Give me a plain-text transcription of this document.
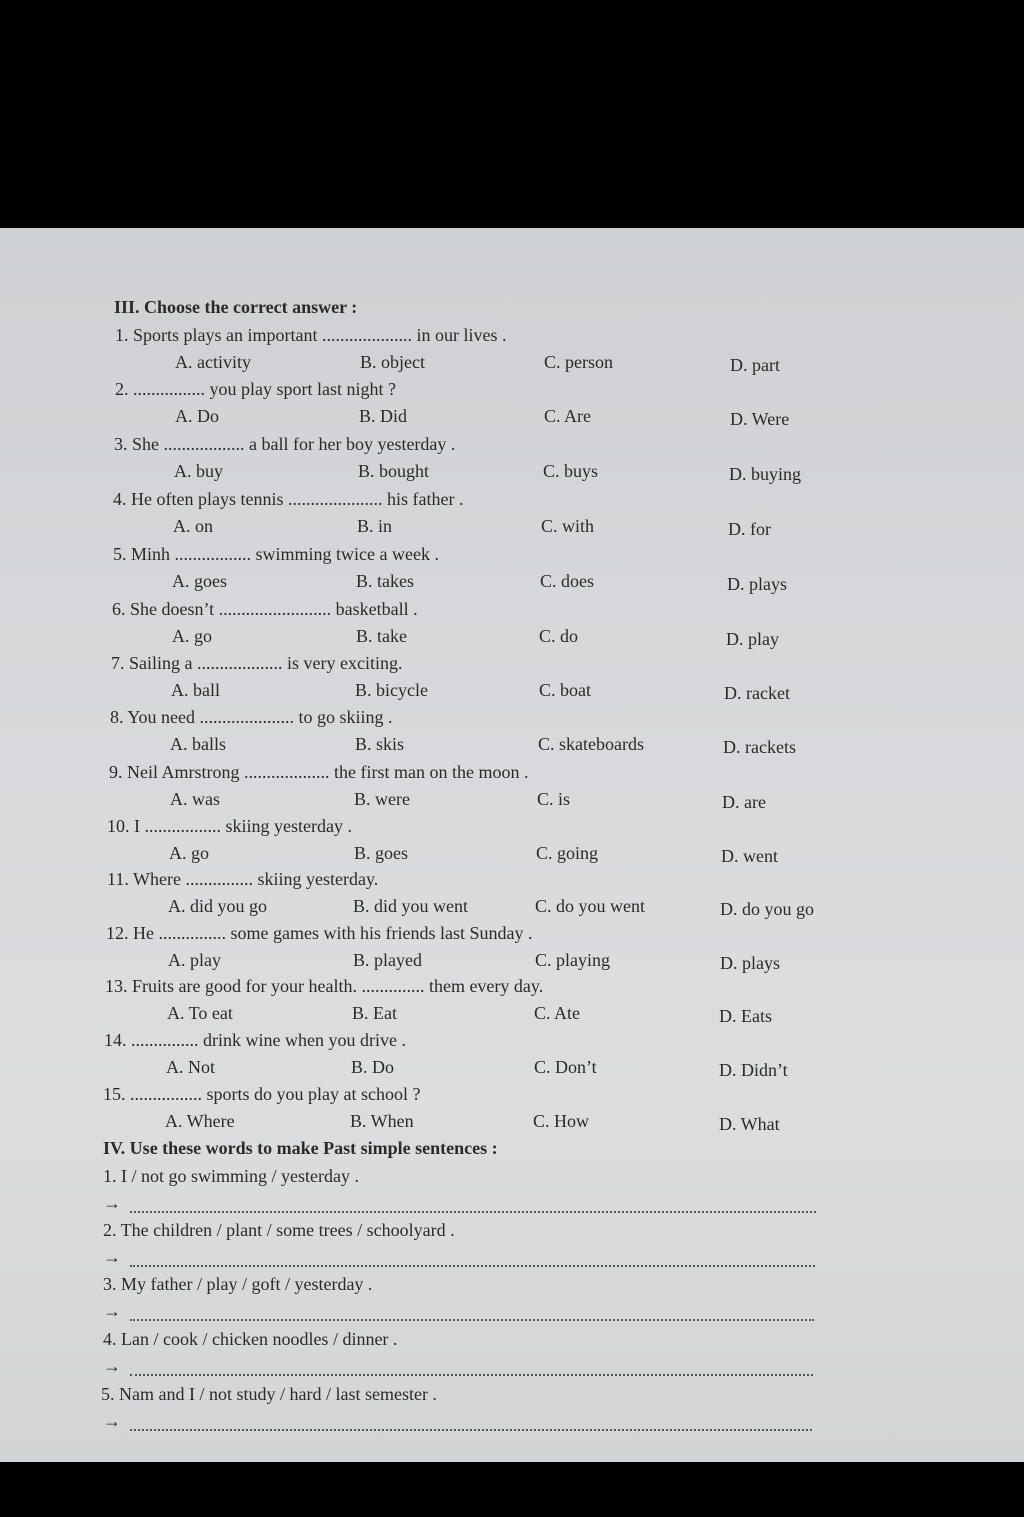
III. Choose the correct answer :
1. Sports plays an important .................... in our lives .
A. activity	B. object	C. person	D. part
2. ................ you play sport last night ?
A. Do	B. Did	C. Are	D. Were
3. She .................. a ball for her boy yesterday .
A. buy	B. bought	C. buys	D. buying
4. He often plays tennis ..................... his father .
A. on	B. in	C. with	D. for
5. Minh ................. swimming twice a week .
A. goes	B. takes	C. does	D. plays
6. She doesn’t ......................... basketball .
A. go	B. take	C. do	D. play
7. Sailing a ................... is very exciting.
A. ball	B. bicycle	C. boat	D. racket
8. You need ..................... to go skiing .
A. balls	B. skis	C. skateboards	D. rackets
9. Neil Amrstrong ................... the first man on the moon .
A. was	B. were	C. is	D. are
10. I ................. skiing yesterday .
A. go	B. goes	C. going	D. went
11. Where ............... skiing yesterday.
A. did you go	B. did you went	C. do you went	D. do you go
12. He ............... some games with his friends last Sunday .
A. play	B. played	C. playing	D. plays
13. Fruits are good for your health. .............. them every day.
A. To eat	B. Eat	C. Ate	D. Eats
14. ............... drink wine when you drive .
A. Not	B. Do	C. Don’t	D. Didn’t
15. ................ sports do you play at school ?
A. Where	B. When	C. How	D. What
IV. Use these words to make Past simple sentences :
1. I / not go swimming / yesterday .
→
2. The children / plant / some trees / schoolyard .
→
3. My father / play / goft / yesterday .
→
4. Lan / cook / chicken noodles / dinner .
→
5. Nam and I / not study / hard / last semester .
→
